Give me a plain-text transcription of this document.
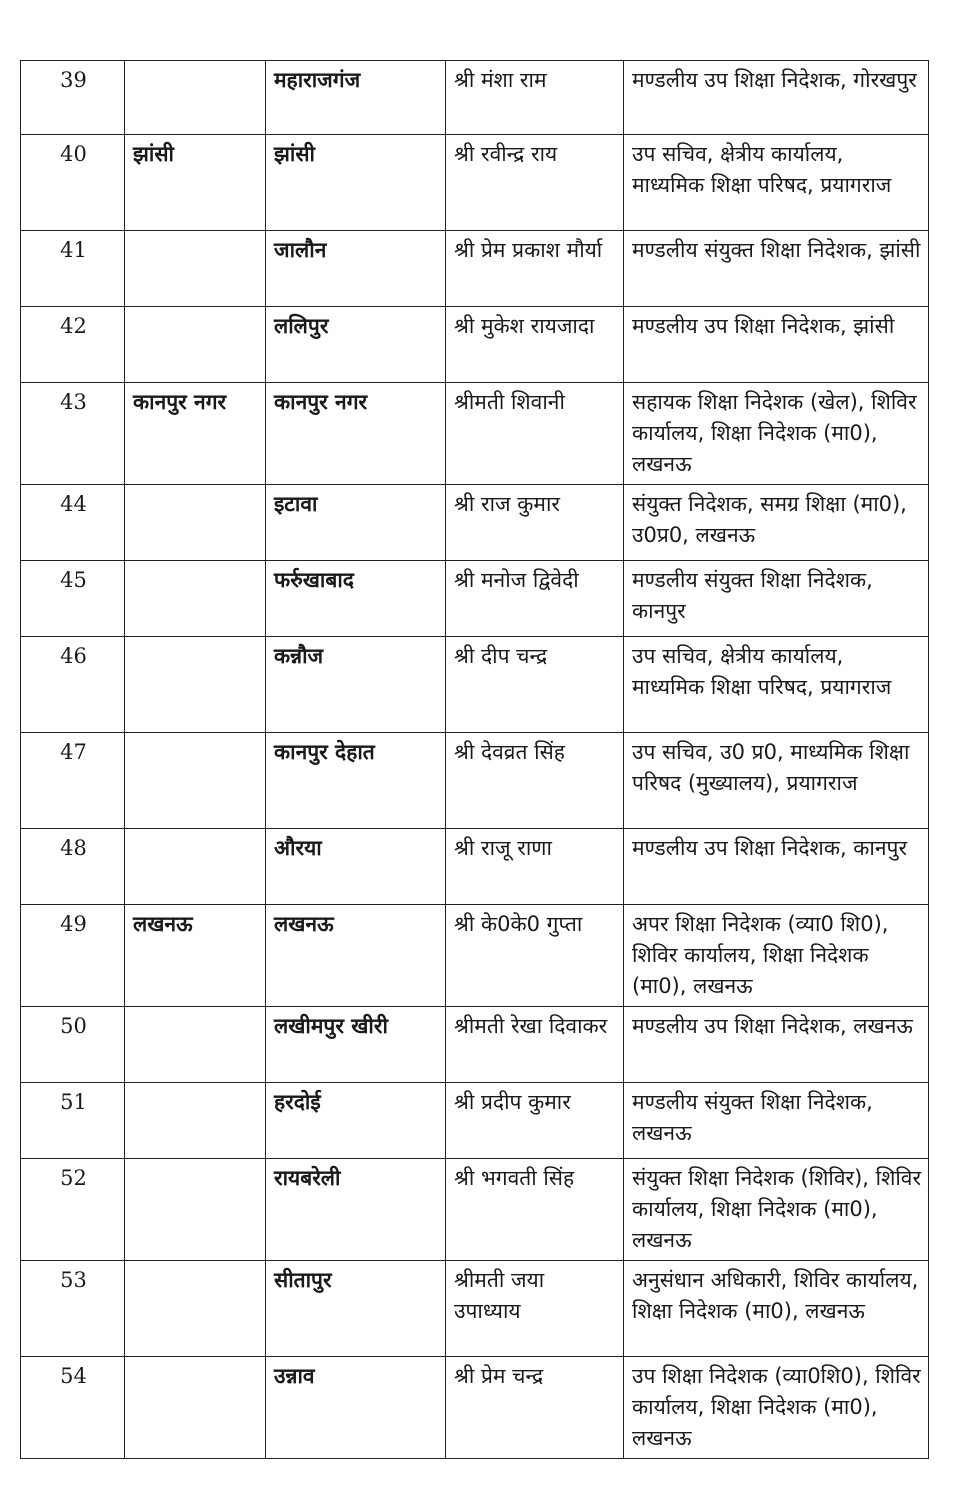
39		महाराजगंज	श्री मंशा राम	मण्डलीय उप शिक्षा निदेशक, गोरखपुर
40	झांसी	झांसी	श्री रवीन्द्र राय	उप सचिव, क्षेत्रीय कार्यालय, माध्यमिक शिक्षा परिषद, प्रयागराज
41		जालौन	श्री प्रेम प्रकाश मौर्या	मण्डलीय संयुक्त शिक्षा निदेशक, झांसी
42		ललिपुर	श्री मुकेश रायजादा	मण्डलीय उप शिक्षा निदेशक, झांसी
43	कानपुर नगर	कानपुर नगर	श्रीमती शिवानी	सहायक शिक्षा निदेशक (खेल), शिविर कार्यालय, शिक्षा निदेशक (मा0), लखनऊ
44		इटावा	श्री राज कुमार	संयुक्त निदेशक, समग्र शिक्षा (मा0), उ0प्र0, लखनऊ
45		फर्रुखाबाद	श्री मनोज द्विवेदी	मण्डलीय संयुक्त शिक्षा निदेशक, कानपुर
46		कन्नौज	श्री दीप चन्द्र	उप सचिव, क्षेत्रीय कार्यालय, माध्यमिक शिक्षा परिषद, प्रयागराज
47		कानपुर देहात	श्री देवव्रत सिंह	उप सचिव, उ0 प्र0, माध्यमिक शिक्षा परिषद (मुख्यालय), प्रयागराज
48		औरया	श्री राजू राणा	मण्डलीय उप शिक्षा निदेशक, कानपुर
49	लखनऊ	लखनऊ	श्री के0के0 गुप्ता	अपर शिक्षा निदेशक (व्या0 शि0), शिविर कार्यालय, शिक्षा निदेशक (मा0), लखनऊ
50		लखीमपुर खीरी	श्रीमती रेखा दिवाकर	मण्डलीय उप शिक्षा निदेशक, लखनऊ
51		हरदोई	श्री प्रदीप कुमार	मण्डलीय संयुक्त शिक्षा निदेशक, लखनऊ
52		रायबरेली	श्री भगवती सिंह	संयुक्त शिक्षा निदेशक (शिविर), शिविर कार्यालय, शिक्षा निदेशक (मा0), लखनऊ
53		सीतापुर	श्रीमती जया उपाध्याय	अनुसंधान अधिकारी, शिविर कार्यालय, शिक्षा निदेशक (मा0), लखनऊ
54		उन्नाव	श्री प्रेम चन्द्र	उप शिक्षा निदेशक (व्या0शि0), शिविर कार्यालय, शिक्षा निदेशक (मा0), लखनऊ
